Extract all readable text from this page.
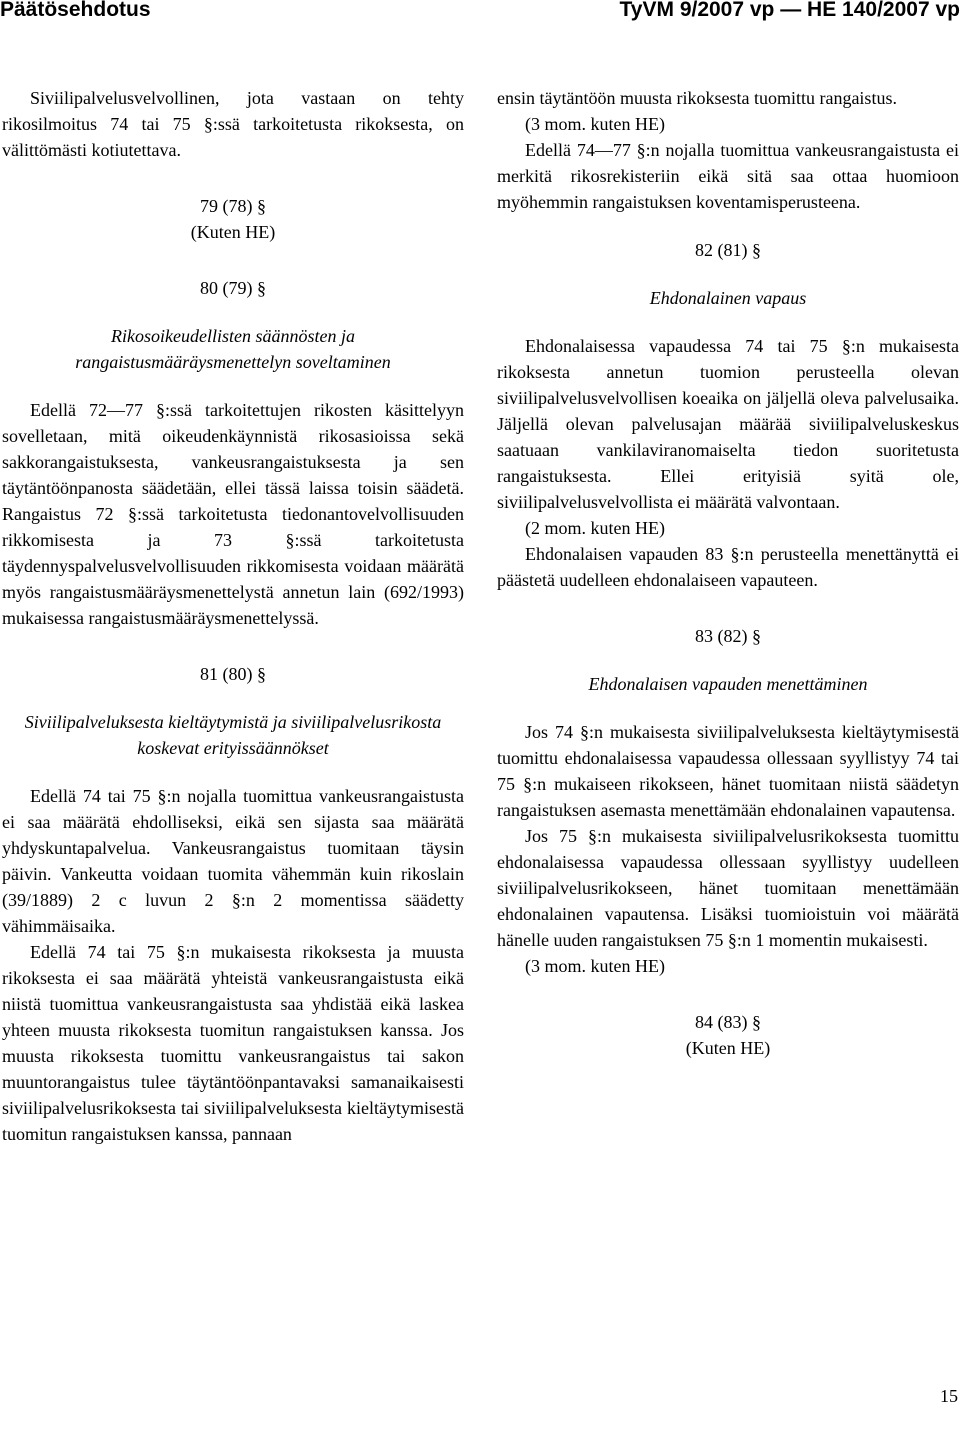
Päätösehdotus	TyVM 9/2007 vp — HE 140/2007 vp

Siviilipalvelusvelvollinen, jota vastaan on tehty rikosilmoitus 74 tai 75 §:ssä tarkoitetusta rikoksesta, on välittömästi kotiutettava.

79 (78) §

(Kuten HE)

80 (79) §

Rikosoikeudellisten säännösten ja rangaistusmääräysmenettelyn soveltaminen

Edellä 72—77 §:ssä tarkoitettujen rikosten käsittelyyn sovelletaan, mitä oikeudenkäynnistä rikosasioissa sekä sakkorangaistuksesta, vankeusrangaistuksesta ja sen täytäntöönpanosta säädetään, ellei tässä laissa toisin säädetä. Rangaistus 72 §:ssä tarkoitetusta tiedonantovelvollisuuden rikkomisesta ja 73 §:ssä tarkoitetusta täydennyspalvelusvelvollisuuden rikkomisesta voidaan määrätä myös rangaistusmääräysmenettelystä annetun lain (692/1993) mukaisessa rangaistusmääräysmenettelyssä.

81 (80) §

Siviilipalveluksesta kieltäytymistä ja siviilipalvelusrikosta koskevat erityissäännökset

Edellä 74 tai 75 §:n nojalla tuomittua vankeusrangaistusta ei saa määrätä ehdolliseksi, eikä sen sijasta saa määrätä yhdyskuntapalvelua. Vankeusrangaistus tuomitaan täysin päivin. Vankeutta voidaan tuomita vähemmän kuin rikoslain (39/1889) 2 c luvun 2 §:n 2 momentissa säädetty vähimmäisaika.

Edellä 74 tai 75 §:n mukaisesta rikoksesta ja muusta rikoksesta ei saa määrätä yhteistä vankeusrangaistusta eikä niistä tuomittua vankeusrangaistusta saa yhdistää eikä laskea yhteen muusta rikoksesta tuomitun rangaistuksen kanssa. Jos muusta rikoksesta tuomittu vankeusrangaistus tai sakon muuntorangaistus tulee täytäntöönpantavaksi samanaikaisesti siviilipalvelusrikoksesta tai siviilipalveluksesta kieltäytymisestä tuomitun rangaistuksen kanssa, pannaan

ensin täytäntöön muusta rikoksesta tuomittu rangaistus.

(3 mom. kuten HE)

Edellä 74—77 §:n nojalla tuomittua vankeusrangaistusta ei merkitä rikosrekisteriin eikä sitä saa ottaa huomioon myöhemmin rangaistuksen koventamisperusteena.

82 (81) §

Ehdonalainen vapaus

Ehdonalaisessa vapaudessa 74 tai 75 §:n mukaisesta rikoksesta annetun tuomion perusteella olevan siviilipalvelusvelvollisen koeaika on jäljellä oleva palvelusaika. Jäljellä olevan palvelusajan määrää siviilipalveluskeskus saatuaan vankilaviranomaiselta tiedon suoritetusta rangaistuksesta. Ellei erityisiä syitä ole, siviilipalvelusvelvollista ei määrätä valvontaan.

(2 mom. kuten HE)

Ehdonalaisen vapauden 83 §:n perusteella menettänyttä ei päästetä uudelleen ehdonalaiseen vapauteen.

83 (82) §

Ehdonalaisen vapauden menettäminen

Jos 74 §:n mukaisesta siviilipalveluksesta kieltäytymisestä tuomittu ehdonalaisessa vapaudessa ollessaan syyllistyy 74 tai 75 §:n mukaiseen rikokseen, hänet tuomitaan niistä säädetyn rangaistuksen asemasta menettämään ehdonalainen vapautensa.

Jos 75 §:n mukaisesta siviilipalvelusrikoksesta tuomittu ehdonalaisessa vapaudessa ollessaan syyllistyy uudelleen siviilipalvelusrikokseen, hänet tuomitaan menettämään ehdonalainen vapautensa. Lisäksi tuomioistuin voi määrätä hänelle uuden rangaistuksen 75 §:n 1 momentin mukaisesti.

(3 mom. kuten HE)

84 (83) §

(Kuten HE)

15
